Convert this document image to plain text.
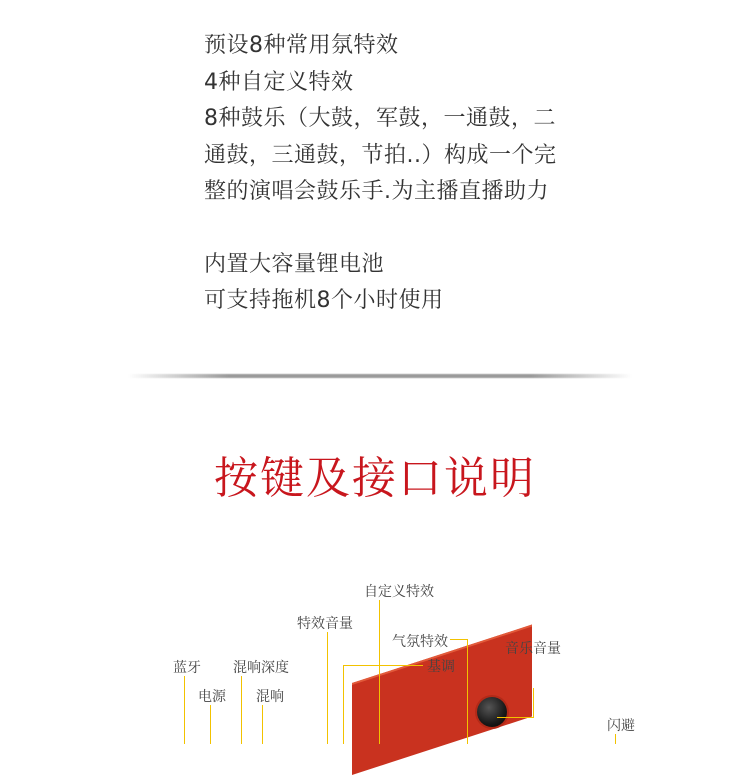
预设8种常用氛特效

4种自定义特效

8种鼓乐（大鼓，军鼓，一通鼓，二

通鼓，三通鼓，节拍..）构成一个完

整的演唱会鼓乐手.为主播直播助力

内置大容量锂电池

可支持拖机8个小时使用

按键及接口说明
自定义特效
特效音量
气氛特效	音乐音量
基调
蓝牙 混响深度
电源 混响
闪避
